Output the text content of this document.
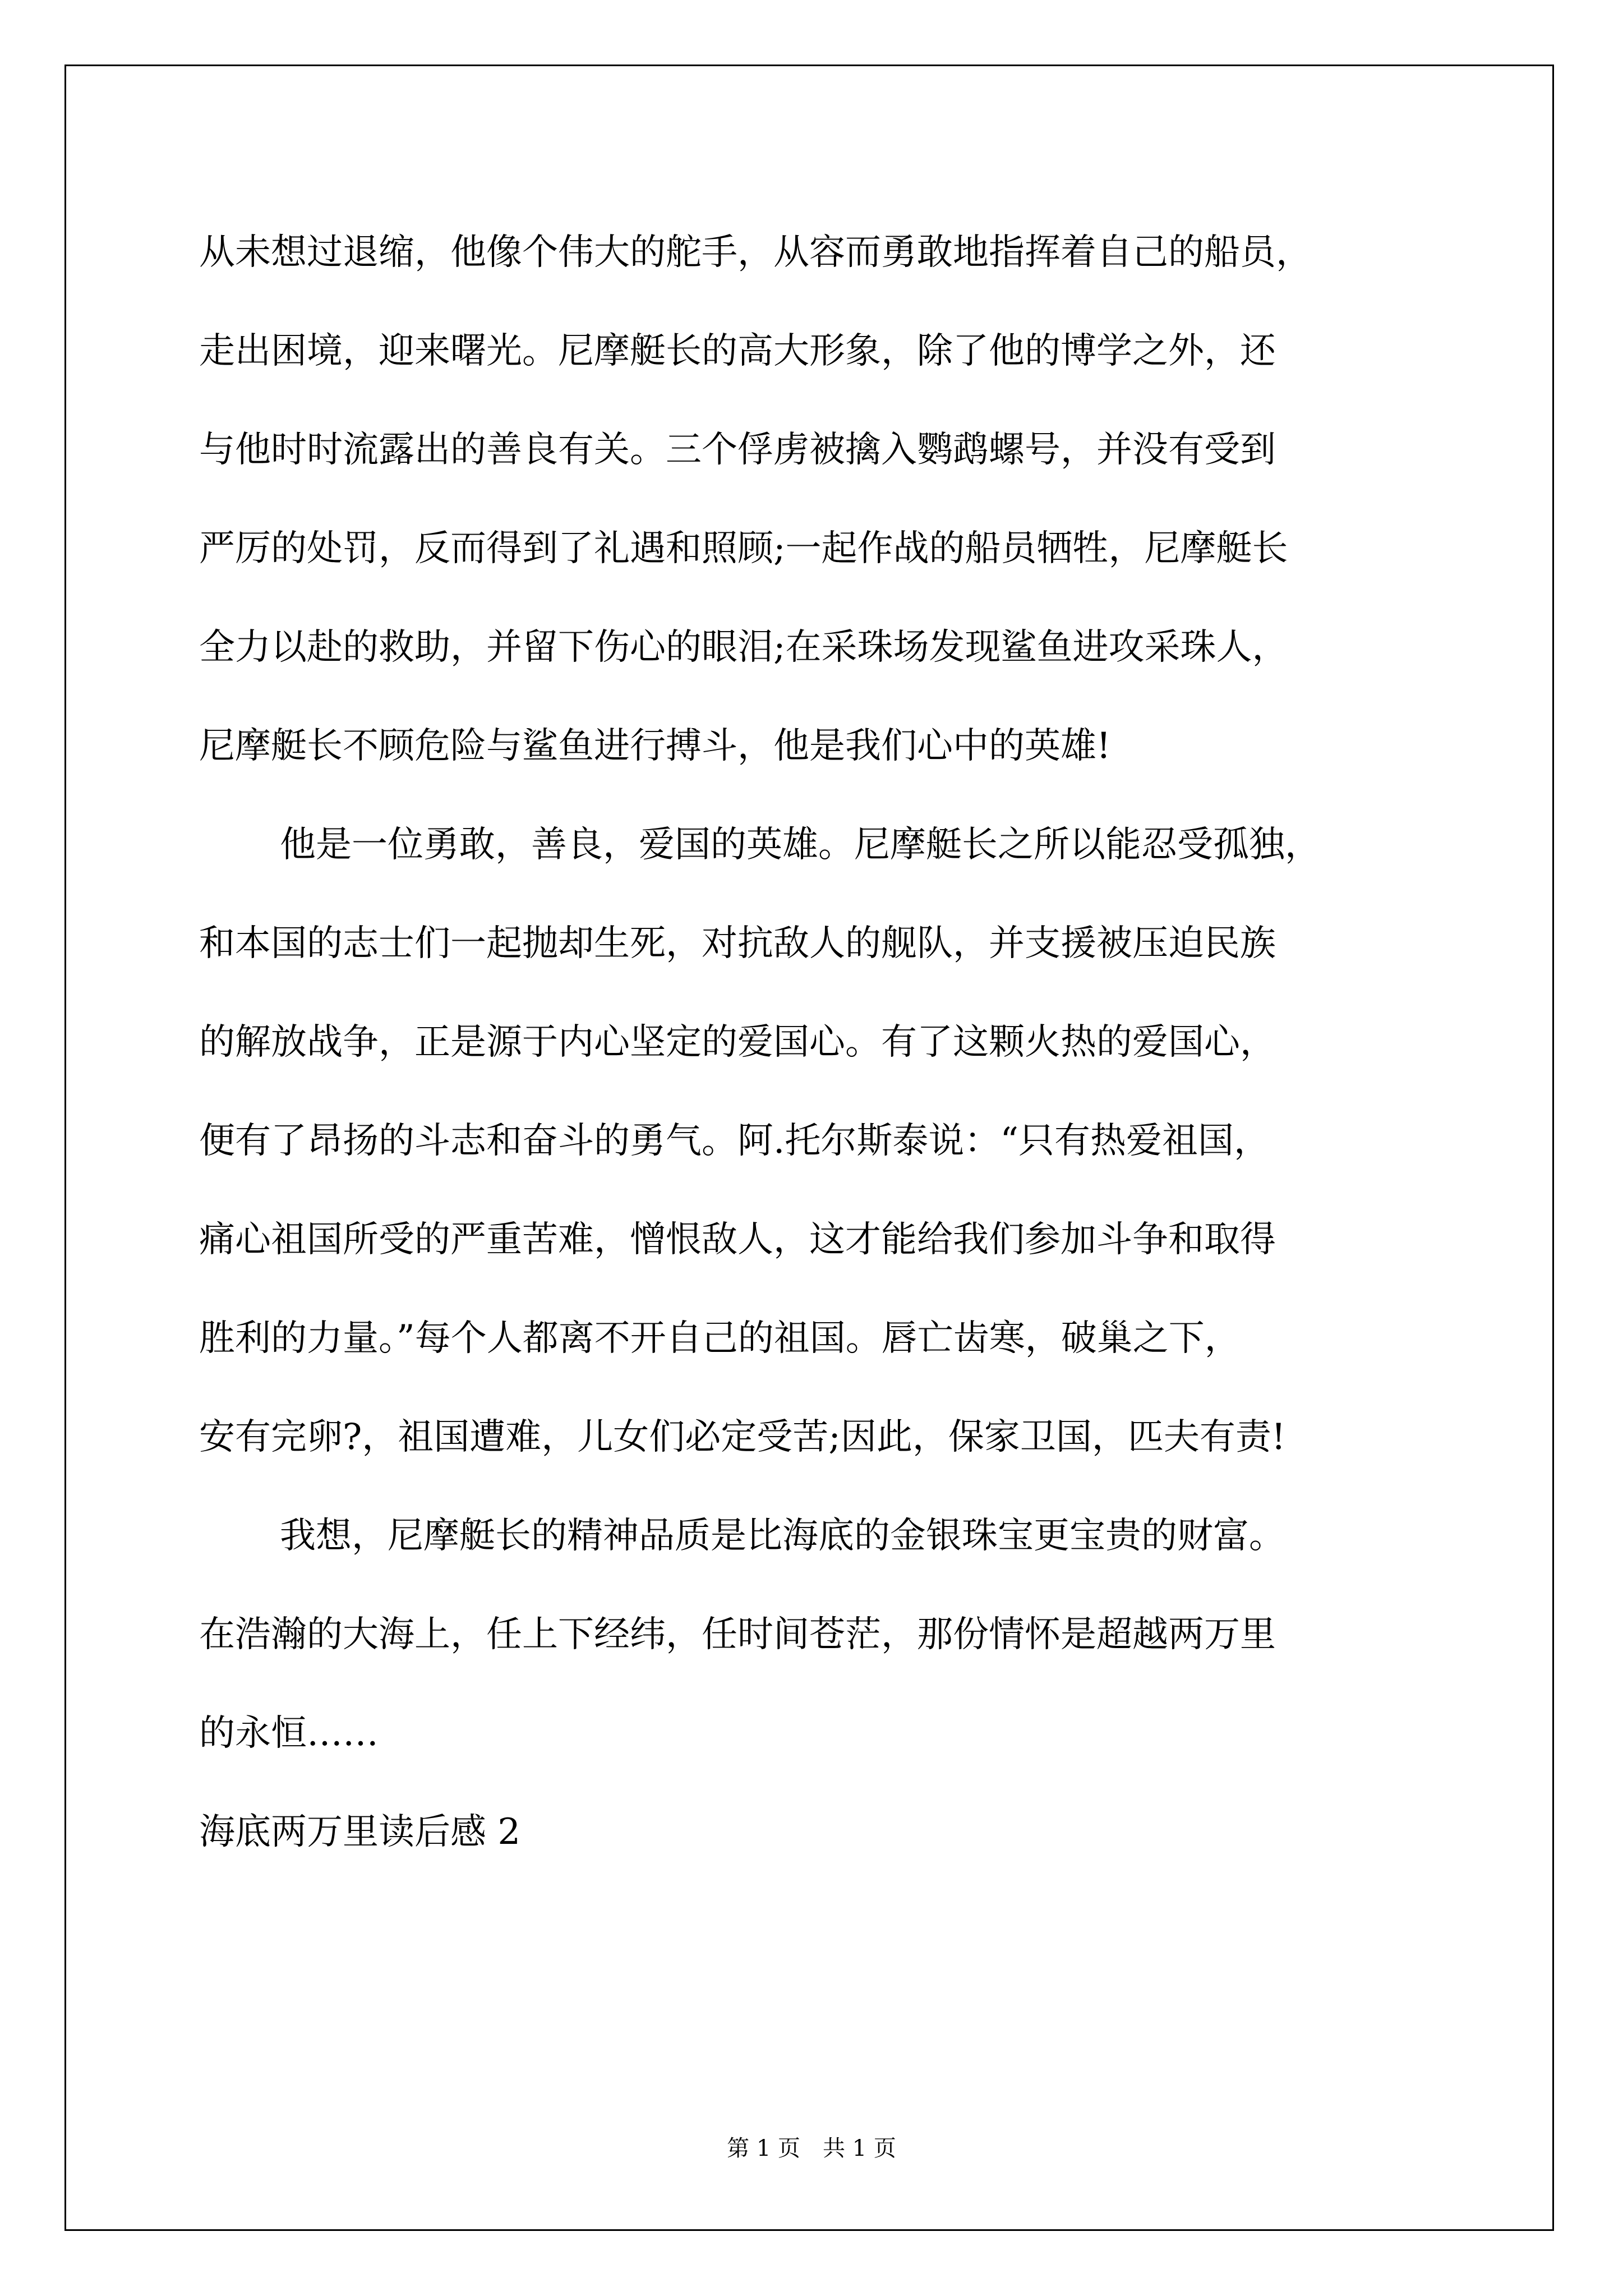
从未想过退缩，他像个伟大的舵手，从容而勇敢地指挥着自己的船员，
走出困境，迎来曙光。尼摩艇长的高大形象，除了他的博学之外，还
与他时时流露出的善良有关。三个俘虏被擒入鹦鹉螺号，并没有受到
严厉的处罚，反而得到了礼遇和照顾;一起作战的船员牺牲，尼摩艇长
全力以赴的救助，并留下伤心的眼泪;在采珠场发现鲨鱼进攻采珠人，
尼摩艇长不顾危险与鲨鱼进行搏斗，他是我们心中的英雄!
他是一位勇敢，善良，爱国的英雄。尼摩艇长之所以能忍受孤独，
和本国的志士们一起抛却生死，对抗敌人的舰队，并支援被压迫民族
的解放战争，正是源于内心坚定的爱国心。有了这颗火热的爱国心，
便有了昂扬的斗志和奋斗的勇气。阿.托尔斯泰说：“只有热爱祖国，
痛心祖国所受的严重苦难，憎恨敌人，这才能给我们参加斗争和取得
胜利的力量。”每个人都离不开自己的祖国。唇亡齿寒，破巢之下，
安有完卵?，祖国遭难，儿女们必定受苦;因此，保家卫国，匹夫有责!
我想，尼摩艇长的精神品质是比海底的金银珠宝更宝贵的财富。
在浩瀚的大海上，任上下经纬，任时间苍茫，那份情怀是超越两万里
的永恒……
海底两万里读后感 2
第 1 页　共 1 页
